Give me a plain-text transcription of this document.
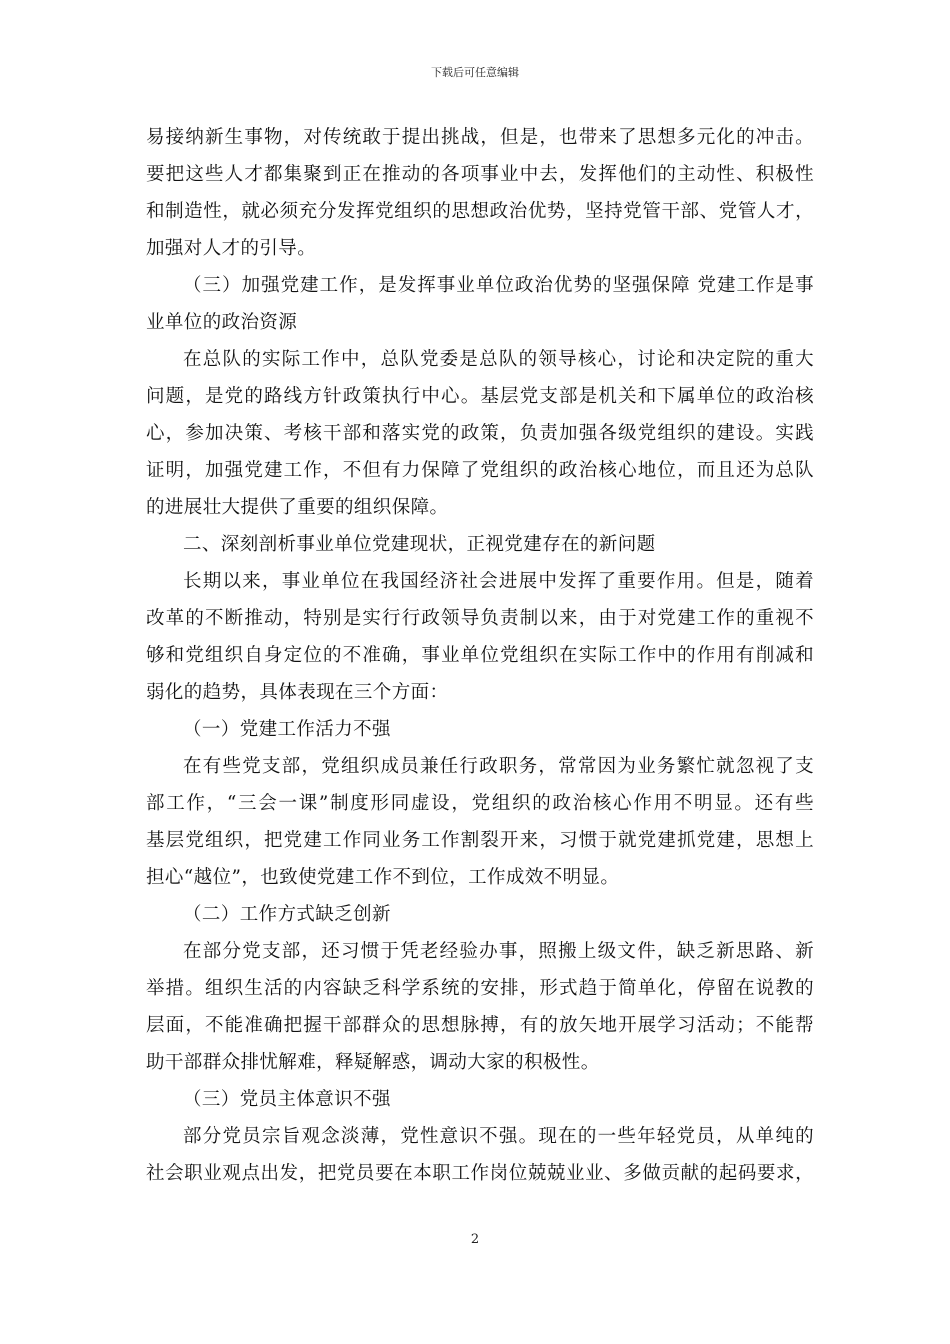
下载后可任意编辑
易接纳新生事物，对传统敢于提出挑战，但是，也带来了思想多元化的冲击。
要把这些人才都集聚到正在推动的各项事业中去，发挥他们的主动性、积极性
和制造性，就必须充分发挥党组织的思想政治优势，坚持党管干部、党管人才，
加强对人才的引导。
（三）加强党建工作，是发挥事业单位政治优势的坚强保障 党建工作是事
业单位的政治资源
在总队的实际工作中，总队党委是总队的领导核心，讨论和决定院的重大
问题，是党的路线方针政策执行中心。基层党支部是机关和下属单位的政治核
心，参加决策、考核干部和落实党的政策，负责加强各级党组织的建设。实践
证明，加强党建工作，不但有力保障了党组织的政治核心地位，而且还为总队
的进展壮大提供了重要的组织保障。
二、深刻剖析事业单位党建现状，正视党建存在的新问题
长期以来，事业单位在我国经济社会进展中发挥了重要作用。但是，随着
改革的不断推动，特别是实行行政领导负责制以来，由于对党建工作的重视不
够和党组织自身定位的不准确，事业单位党组织在实际工作中的作用有削减和
弱化的趋势，具体表现在三个方面：
（一）党建工作活力不强
在有些党支部，党组织成员兼任行政职务，常常因为业务繁忙就忽视了支
部工作，“三会一课”制度形同虚设，党组织的政治核心作用不明显。还有些
基层党组织，把党建工作同业务工作割裂开来，习惯于就党建抓党建，思想上
担心“越位”，也致使党建工作不到位，工作成效不明显。
（二）工作方式缺乏创新
在部分党支部，还习惯于凭老经验办事，照搬上级文件，缺乏新思路、新
举措。组织生活的内容缺乏科学系统的安排，形式趋于简单化，停留在说教的
层面，不能准确把握干部群众的思想脉搏，有的放矢地开展学习活动；不能帮
助干部群众排忧解难，释疑解惑，调动大家的积极性。
（三）党员主体意识不强
部分党员宗旨观念淡薄，党性意识不强。现在的一些年轻党员，从单纯的
社会职业观点出发，把党员要在本职工作岗位兢兢业业、多做贡献的起码要求，
2
